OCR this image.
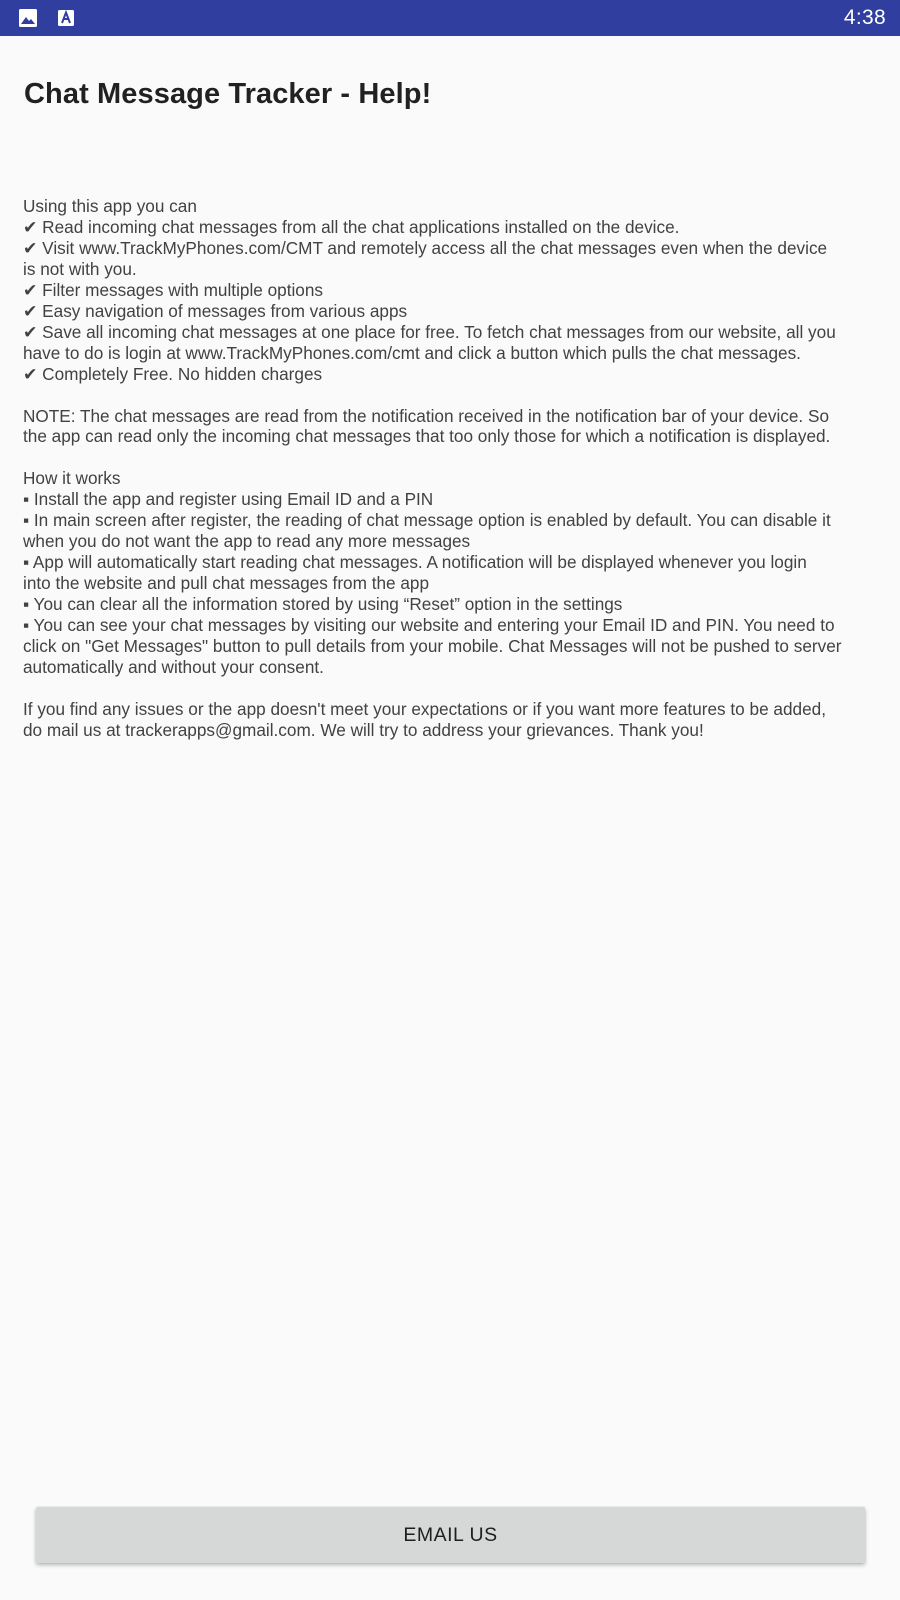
4:38
Chat Message Tracker - Help!
Using this app you can
✔ Read incoming chat messages from all the chat applications installed on the device.
✔ Visit www.TrackMyPhones.com/CMT and remotely access all the chat messages even when the device
is not with you.
✔ Filter messages with multiple options
✔ Easy navigation of messages from various apps
✔ Save all incoming chat messages at one place for free. To fetch chat messages from our website, all you
have to do is login at www.TrackMyPhones.com/cmt and click a button which pulls the chat messages.
✔ Completely Free. No hidden charges
NOTE: The chat messages are read from the notification received in the notification bar of your device. So
the app can read only the incoming chat messages that too only those for which a notification is displayed.
How it works
▪ Install the app and register using Email ID and a PIN
▪ In main screen after register, the reading of chat message option is enabled by default. You can disable it
when you do not want the app to read any more messages
▪ App will automatically start reading chat messages. A notification will be displayed whenever you login
into the website and pull chat messages from the app
▪ You can clear all the information stored by using “Reset” option in the settings
▪ You can see your chat messages by visiting our website and entering your Email ID and PIN. You need to
click on "Get Messages" button to pull details from your mobile. Chat Messages will not be pushed to server
automatically and without your consent.
If you find any issues or the app doesn't meet your expectations or if you want more features to be added,
do mail us at trackerapps@gmail.com. We will try to address your grievances. Thank you!
EMAIL US
